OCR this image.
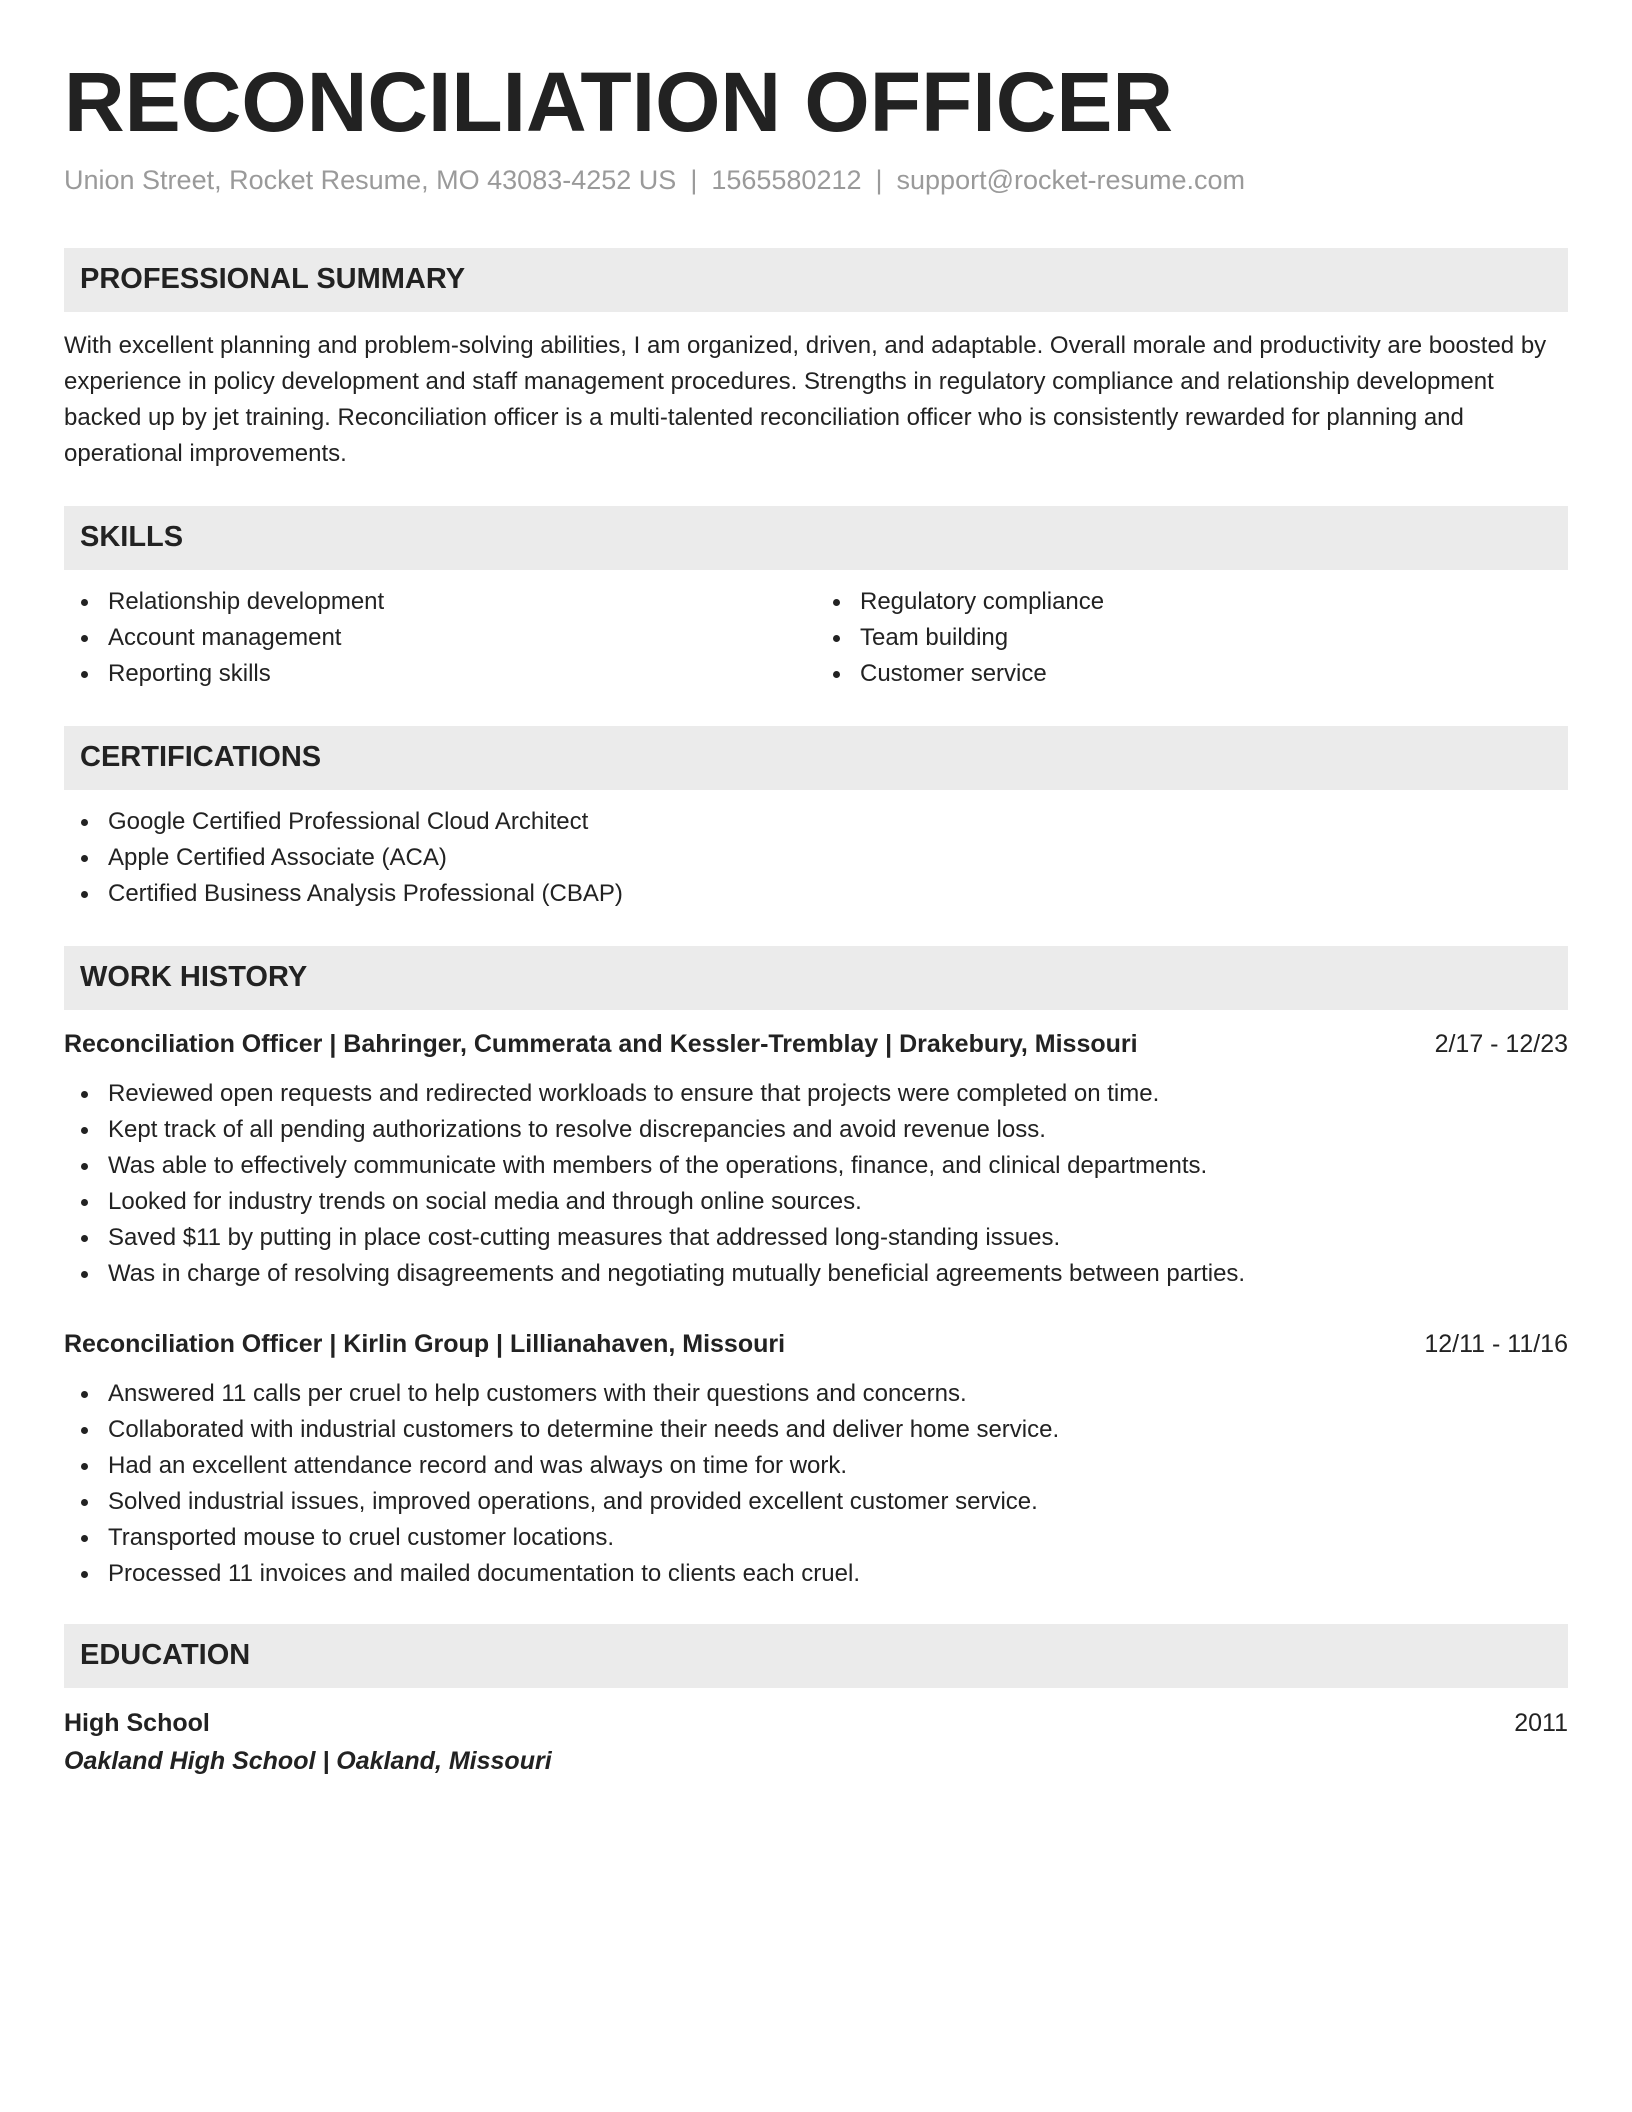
RECONCILIATION OFFICER
Union Street, Rocket Resume, MO 43083-4252 US | 1565580212 | support@rocket-resume.com
PROFESSIONAL SUMMARY

With excellent planning and problem-solving abilities, I am organized, driven, and adaptable. Overall morale and productivity are boosted by experience in policy development and staff management procedures. Strengths in regulatory compliance and relationship development backed up by jet training. Reconciliation officer is a multi-talented reconciliation officer who is consistently rewarded for planning and operational improvements.

SKILLS
Relationship development
Account management
Reporting skills
Regulatory compliance
Team building
Customer service
CERTIFICATIONS
Google Certified Professional Cloud Architect
Apple Certified Associate (ACA)
Certified Business Analysis Professional (CBAP)
WORK HISTORY
Reconciliation Officer | Bahringer, Cummerata and Kessler-Tremblay | Drakebury, Missouri	2/17 - 12/23
Reviewed open requests and redirected workloads to ensure that projects were completed on time.
Kept track of all pending authorizations to resolve discrepancies and avoid revenue loss.
Was able to effectively communicate with members of the operations, finance, and clinical departments.
Looked for industry trends on social media and through online sources.
Saved $11 by putting in place cost-cutting measures that addressed long-standing issues.
Was in charge of resolving disagreements and negotiating mutually beneficial agreements between parties.
Reconciliation Officer | Kirlin Group | Lillianahaven, Missouri	12/11 - 11/16
Answered 11 calls per cruel to help customers with their questions and concerns.
Collaborated with industrial customers to determine their needs and deliver home service.
Had an excellent attendance record and was always on time for work.
Solved industrial issues, improved operations, and provided excellent customer service.
Transported mouse to cruel customer locations.
Processed 11 invoices and mailed documentation to clients each cruel.
EDUCATION
High School	2011
Oakland High School | Oakland, Missouri
